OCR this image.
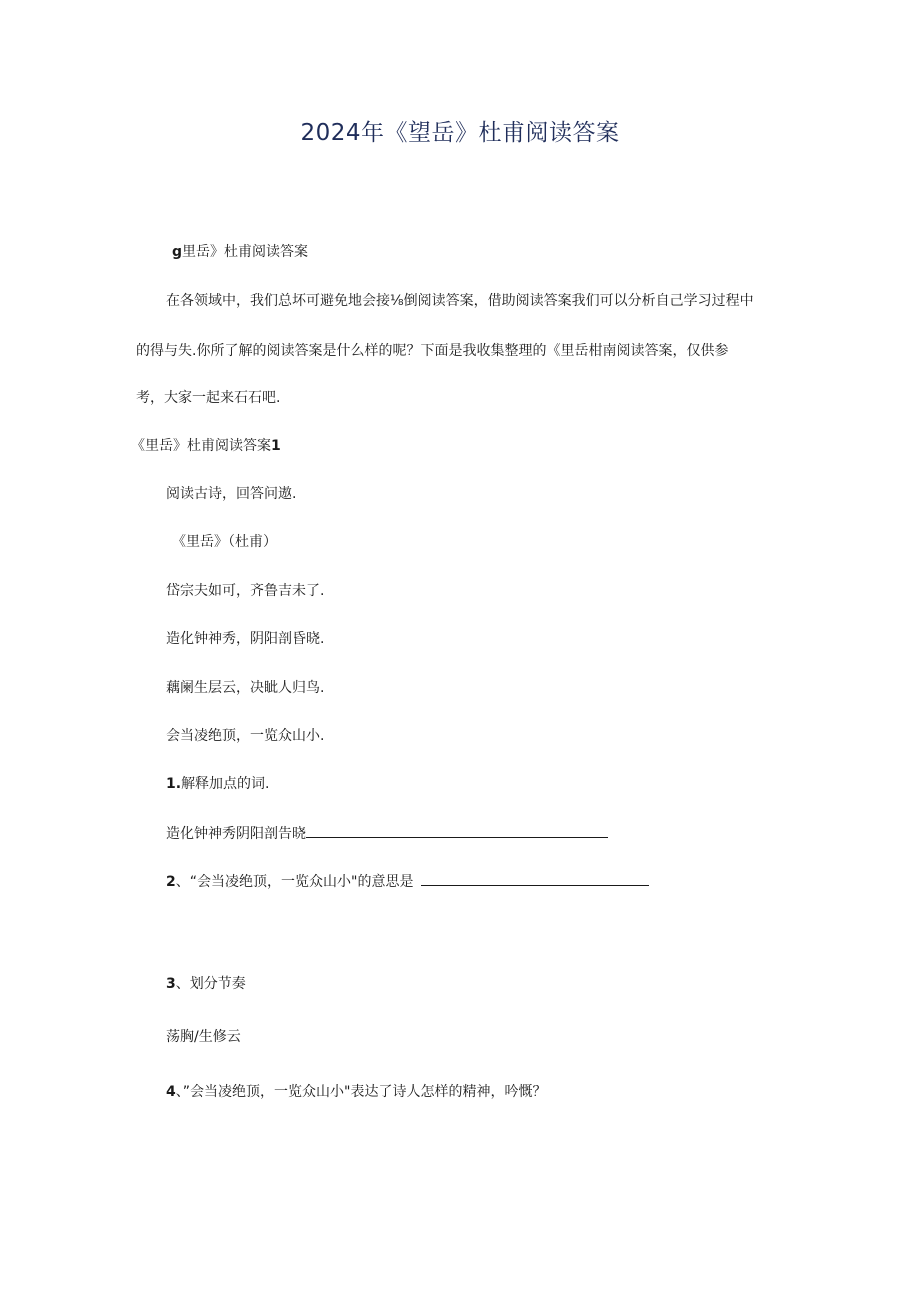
2024年《望岳》杜甫阅读答案
g里岳》杜甫阅读答案
在各领域中，我们总坏可避免地会接⅛倒阅读答案，借助阅读答案我们可以分析自己学习过程中
的得与失.你所了解的阅读答案是什么样的呢？下面是我收集整理的《里岳柑南阅读答案，仅供参
考，大家一起来石石吧.
《里岳》杜甫阅读答案1
阅读古诗，回答问遨.
《里岳》（杜甫）
岱宗夫如可，齐鲁吉未了.
造化钟神秀，阴阳剖昏晓.
藕阑生层云，决眦人归鸟.
会当凌绝顶，一览众山小.
1.解释加点的词.
造化钟神秀阴阳剖告晓
2、“会当凌绝顶，一览众山小"的意思是
3、划分节奏
荡胸/生修云
4、”会当凌绝顶，一览众山小"表达了诗人怎样的精神，吟慨？
